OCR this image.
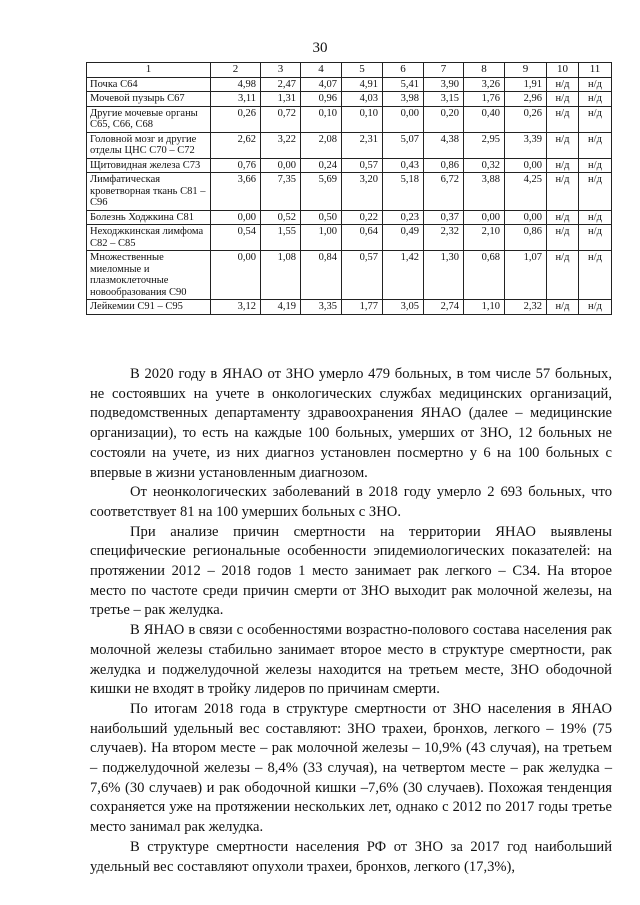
30
1	2	3	4	5	6	7	8	9	10	11
Почка С64	4,98	2,47	4,07	4,91	5,41	3,90	3,26	1,91	н/д	н/д
Мочевой пузырь С67	3,11	1,31	0,96	4,03	3,98	3,15	1,76	2,96	н/д	н/д
Другие мочевые органы С65, С66, С68	0,26	0,72	0,10	0,10	0,00	0,20	0,40	0,26	н/д	н/д
Головной мозг и другие отделы ЦНС С70 – С72	2,62	3,22	2,08	2,31	5,07	4,38	2,95	3,39	н/д	н/д
Щитовидная железа С73	0,76	0,00	0,24	0,57	0,43	0,86	0,32	0,00	н/д	н/д
Лимфатическая кроветворная ткань С81 – С96	3,66	7,35	5,69	3,20	5,18	6,72	3,88	4,25	н/д	н/д
Болезнь Ходжкина С81	0,00	0,52	0,50	0,22	0,23	0,37	0,00	0,00	н/д	н/д
Неходжкинская лимфома С82 – С85	0,54	1,55	1,00	0,64	0,49	2,32	2,10	0,86	н/д	н/д
Множественные миеломные и плазмоклеточные новообразования С90	0,00	1,08	0,84	0,57	1,42	1,30	0,68	1,07	н/д	н/д
Лейкемии С91 – С95	3,12	4,19	3,35	1,77	3,05	2,74	1,10	2,32	н/д	н/д

В 2020 году в ЯНАО от ЗНО умерло 479 больных, в том числе 57 больных, не состоявших на учете в онкологических службах медицинских организаций, подведомственных департаменту здравоохранения ЯНАО (далее – медицинские организации), то есть на каждые 100 больных, умерших от ЗНО, 12 больных не состояли на учете, из них диагноз установлен посмертно у 6 на 100 больных с впервые в жизни установленным диагнозом.

От неонкологических заболеваний в 2018 году умерло 2 693 больных, что соответствует 81 на 100 умерших больных с ЗНО.

При анализе причин смертности на территории ЯНАО выявлены специфические региональные особенности эпидемиологических показателей: на протяжении 2012 – 2018 годов 1 место занимает рак легкого – С34. На второе место по частоте среди причин смерти от ЗНО выходит рак молочной железы, на третье – рак желудка.

В ЯНАО в связи с особенностями возрастно-полового состава населения рак молочной железы стабильно занимает второе место в структуре смертности, рак желудка и поджелудочной железы находится на третьем месте, ЗНО ободочной кишки не входят в тройку лидеров по причинам смерти.

По итогам 2018 года в структуре смертности от ЗНО населения в ЯНАО наибольший удельный вес составляют: ЗНО трахеи, бронхов, легкого – 19% (75 случаев). На втором месте – рак молочной железы – 10,9% (43 случая), на третьем – поджелудочной железы – 8,4% (33 случая), на четвертом месте – рак желудка – 7,6% (30 случаев) и рак ободочной кишки –7,6% (30 случаев). Похожая тенденция сохраняется уже на протяжении нескольких лет, однако с 2012 по 2017 годы третье место занимал рак желудка.

В структуре смертности населения РФ от ЗНО за 2017 год наибольший удельный вес составляют опухоли трахеи, бронхов, легкого (17,3%),
